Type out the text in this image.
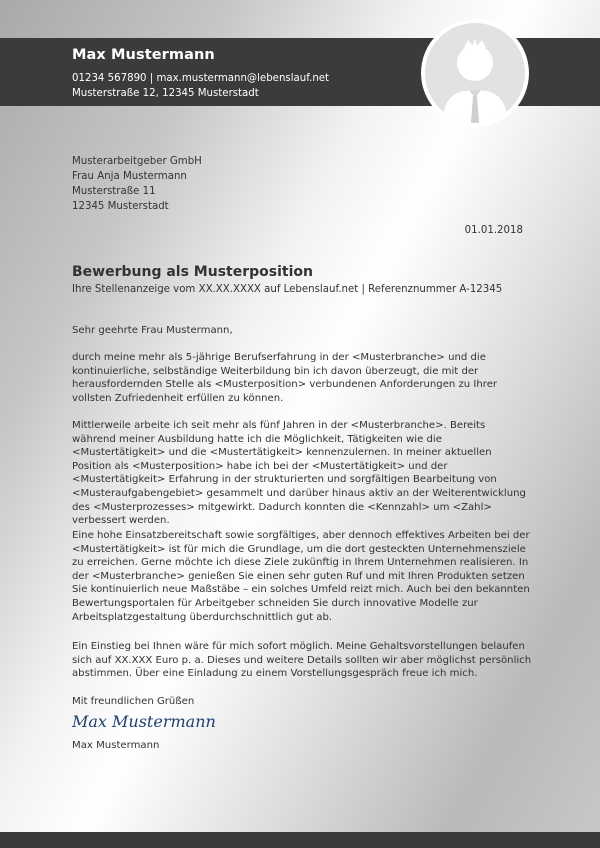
Max Mustermann
01234 567890 | max.mustermann@lebenslauf.net
Musterstraße 12, 12345 Musterstadt
Musterarbeitgeber GmbH
Frau Anja Mustermann
Musterstraße 11
12345 Musterstadt
01.01.2018
Bewerbung als Musterposition
Ihre Stellenanzeige vom XX.XX.XXXX auf Lebenslauf.net | Referenznummer A-12345

Sehr geehrte Frau Mustermann,

durch meine mehr als 5-jährige Berufserfahrung in der <Musterbranche> und die kontinuierliche, selbständige Weiterbildung bin ich davon überzeugt, die mit der herausfordernden Stelle als <Musterposition> verbundenen Anforderungen zu Ihrer vollsten Zufriedenheit erfüllen zu können.

Mittlerweile arbeite ich seit mehr als fünf Jahren in der <Musterbranche>. Bereits während meiner Ausbildung hatte ich die Möglichkeit, Tätigkeiten wie die <Mustertätigkeit> und die <Mustertätigkeit> kennenzulernen. In meiner aktuellen Position als <Musterposition> habe ich bei der <Mustertätigkeit> und der <Mustertätigkeit> Erfahrung in der strukturierten und sorgfältigen Bearbeitung von <Musteraufgabengebiet> gesammelt und darüber hinaus aktiv an der Weiterentwicklung des <Musterprozesses> mitgewirkt. Dadurch konnten die <Kennzahl> um <Zahl> verbessert werden.

Eine hohe Einsatzbereitschaft sowie sorgfältiges, aber dennoch effektives Arbeiten bei der <Mustertätigkeit> ist für mich die Grundlage, um die dort gesteckten Unternehmensziele zu erreichen. Gerne möchte ich diese Ziele zukünftig in Ihrem Unternehmen realisieren. In der <Musterbranche> genießen Sie einen sehr guten Ruf und mit Ihren Produkten setzen Sie kontinuierlich neue Maßstäbe – ein solches Umfeld reizt mich. Auch bei den bekannten Bewertungsportalen für Arbeitgeber schneiden Sie durch innovative Modelle zur Arbeitsplatzgestaltung überdurchschnittlich gut ab.

Ein Einstieg bei Ihnen wäre für mich sofort möglich. Meine Gehaltsvorstellungen belaufen sich auf XX.XXX Euro p. a. Dieses und weitere Details sollten wir aber möglichst persönlich abstimmen. Über eine Einladung zu einem Vorstellungsgespräch freue ich mich.

Mit freundlichen Grüßen

Max Mustermann

Max Mustermann
